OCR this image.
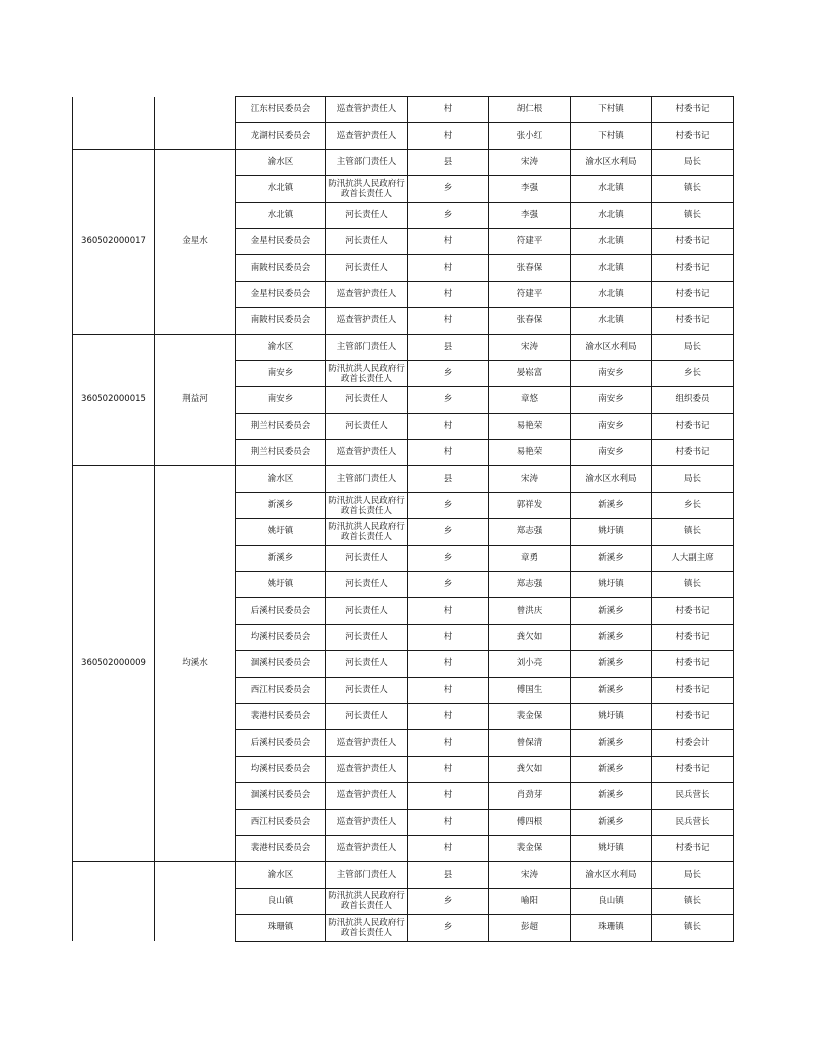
		江东村民委员会	巡查管护责任人	村	胡仁根	下村镇	村委书记
		龙湖村民委员会	巡查管护责任人	村	张小红	下村镇	村委书记
360502000017	金星水	渝水区	主管部门责任人	县	宋涛	渝水区水利局	局长
		水北镇	防汛抗洪人民政府行政首长责任人	乡	李强	水北镇	镇长
		水北镇	河长责任人	乡	李强	水北镇	镇长
		金星村民委员会	河长责任人	村	符建平	水北镇	村委书记
		南陂村民委员会	河长责任人	村	张春保	水北镇	村委书记
		金星村民委员会	巡查管护责任人	村	符建平	水北镇	村委书记
		南陂村民委员会	巡查管护责任人	村	张春保	水北镇	村委书记
360502000015	荆益河	渝水区	主管部门责任人	县	宋涛	渝水区水利局	局长
		南安乡	防汛抗洪人民政府行政首长责任人	乡	晏崧富	南安乡	乡长
		南安乡	河长责任人	乡	章悠	南安乡	组织委员
		荆兰村民委员会	河长责任人	村	易艳荣	南安乡	村委书记
		荆兰村民委员会	巡查管护责任人	村	易艳荣	南安乡	村委书记
360502000009	均溪水	渝水区	主管部门责任人	县	宋涛	渝水区水利局	局长
		新溪乡	防汛抗洪人民政府行政首长责任人	乡	郭祥发	新溪乡	乡长
		姚圩镇	防汛抗洪人民政府行政首长责任人	乡	郑志强	姚圩镇	镇长
		新溪乡	河长责任人	乡	章勇	新溪乡	人大副主席
		姚圩镇	河长责任人	乡	郑志强	姚圩镇	镇长
		后溪村民委员会	河长责任人	村	曾洪庆	新溪乡	村委书记
		均溪村民委员会	河长责任人	村	龚欠如	新溪乡	村委书记
		涸溪村民委员会	河长责任人	村	刘小亮	新溪乡	村委书记
		西江村民委员会	河长责任人	村	傅国生	新溪乡	村委书记
		裴港村民委员会	河长责任人	村	裴金保	姚圩镇	村委书记
		后溪村民委员会	巡查管护责任人	村	曾保清	新溪乡	村委会计
		均溪村民委员会	巡查管护责任人	村	龚欠如	新溪乡	村委书记
		涸溪村民委员会	巡查管护责任人	村	肖劲芽	新溪乡	民兵营长
		西江村民委员会	巡查管护责任人	村	傅四根	新溪乡	民兵营长
		裴港村民委员会	巡查管护责任人	村	裴金保	姚圩镇	村委书记
		渝水区	主管部门责任人	县	宋涛	渝水区水利局	局长
		良山镇	防汛抗洪人民政府行政首长责任人	乡	喻阳	良山镇	镇长
		珠珊镇	防汛抗洪人民政府行政首长责任人	乡	彭超	珠珊镇	镇长
